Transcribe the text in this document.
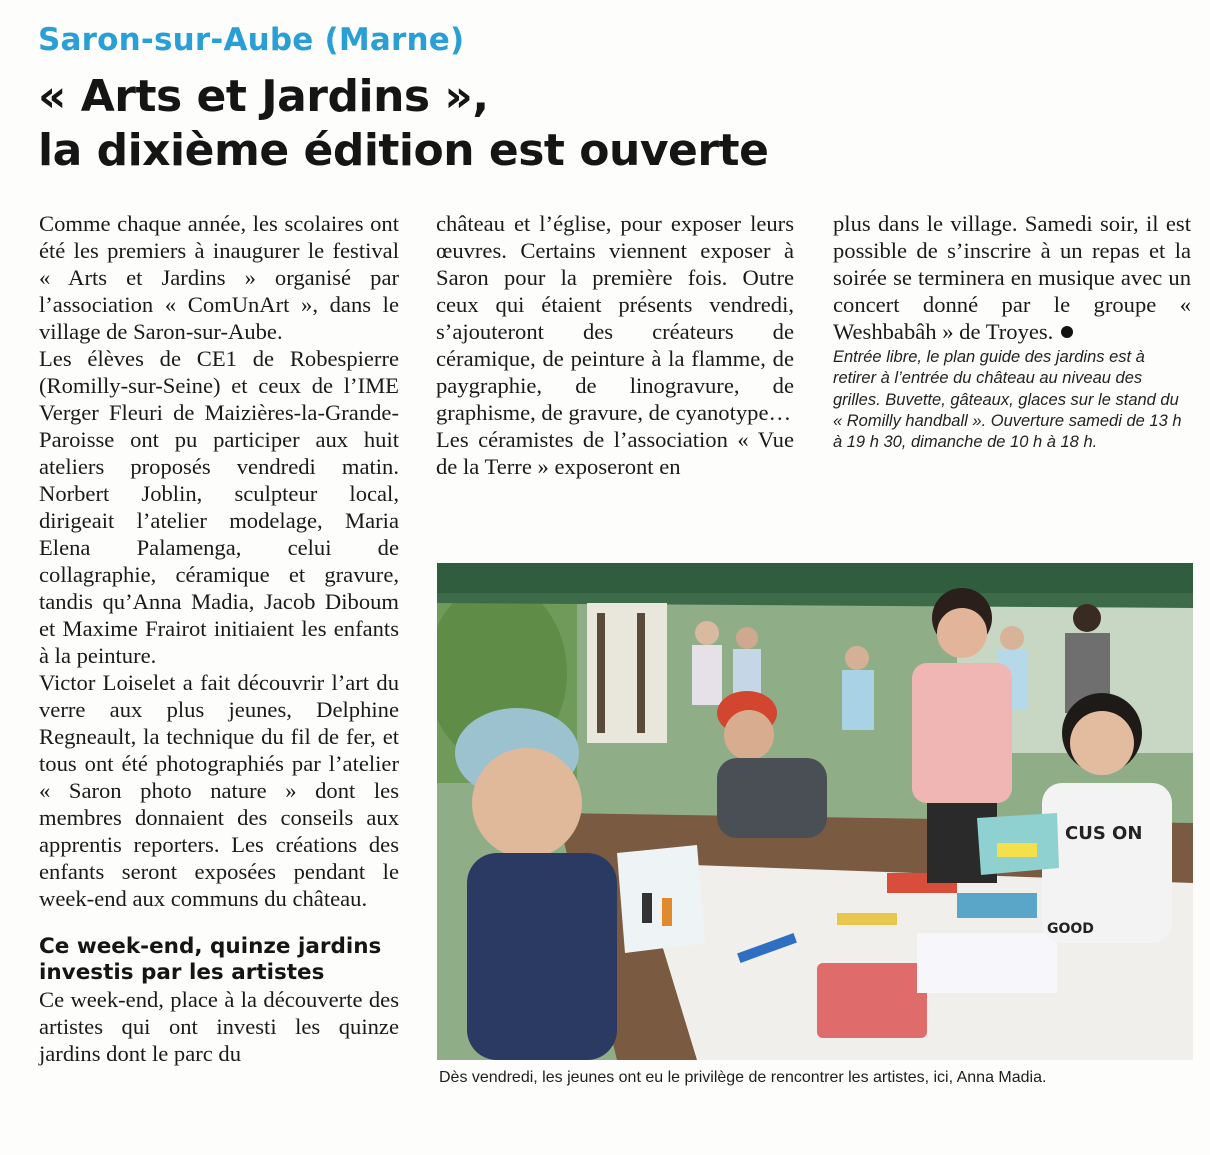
Saron-sur-Aube (Marne)
« Arts et Jardins »,
la dixième édition est ouverte

Comme chaque année, les scolaires ont été les premiers à inaugurer le festival « Arts et Jardins » organisé par l’association « ComUnArt », dans le village de Saron-sur-Aube.

Les élèves de CE1 de Robespierre (Romilly-sur-Seine) et ceux de l’IME Verger Fleuri de Maizières-la-Grande-Paroisse ont pu participer aux huit ateliers proposés vendredi matin. Norbert Joblin, sculpteur local, dirigeait l’atelier modelage, Maria Elena Palamenga, celui de collagraphie, céramique et gravure, tandis qu’Anna Madia, Jacob Diboum et Maxime Frairot initiaient les enfants à la peinture.

Victor Loiselet a fait découvrir l’art du verre aux plus jeunes, Delphine Regneault, la technique du fil de fer, et tous ont été photographiés par l’atelier « Saron photo nature » dont les membres donnaient des conseils aux apprentis reporters. Les créations des enfants seront exposées pendant le week-end aux communs du château.

Ce week-end, quinze jardins investis par les artistes

Ce week-end, place à la découverte des artistes qui ont investi les quinze jardins dont le parc du

château et l’église, pour exposer leurs œuvres. Certains viennent exposer à Saron pour la première fois. Outre ceux qui étaient présents vendredi, s’ajouteront des créateurs de céramique, de peinture à la flamme, de paygraphie, de linogravure, de graphisme, de gravure, de cyanotype…

Les céramistes de l’association « Vue de la Terre » exposeront en

plus dans le village. Samedi soir, il est possible de s’inscrire à un repas et la soirée se terminera en musique avec un concert donné par le groupe « Weshbabâh » de Troyes.

Entrée libre, le plan guide des jardins est à retirer à l’entrée du château au niveau des grilles. Buvette, gâteaux, glaces sur le stand du « Romilly handball ». Ouverture samedi de 13 h à 19 h 30, dimanche de 10 h à 18 h.

CUS ON
GOOD
Dès vendredi, les jeunes ont eu le privilège de rencontrer les artistes, ici, Anna Madia.
